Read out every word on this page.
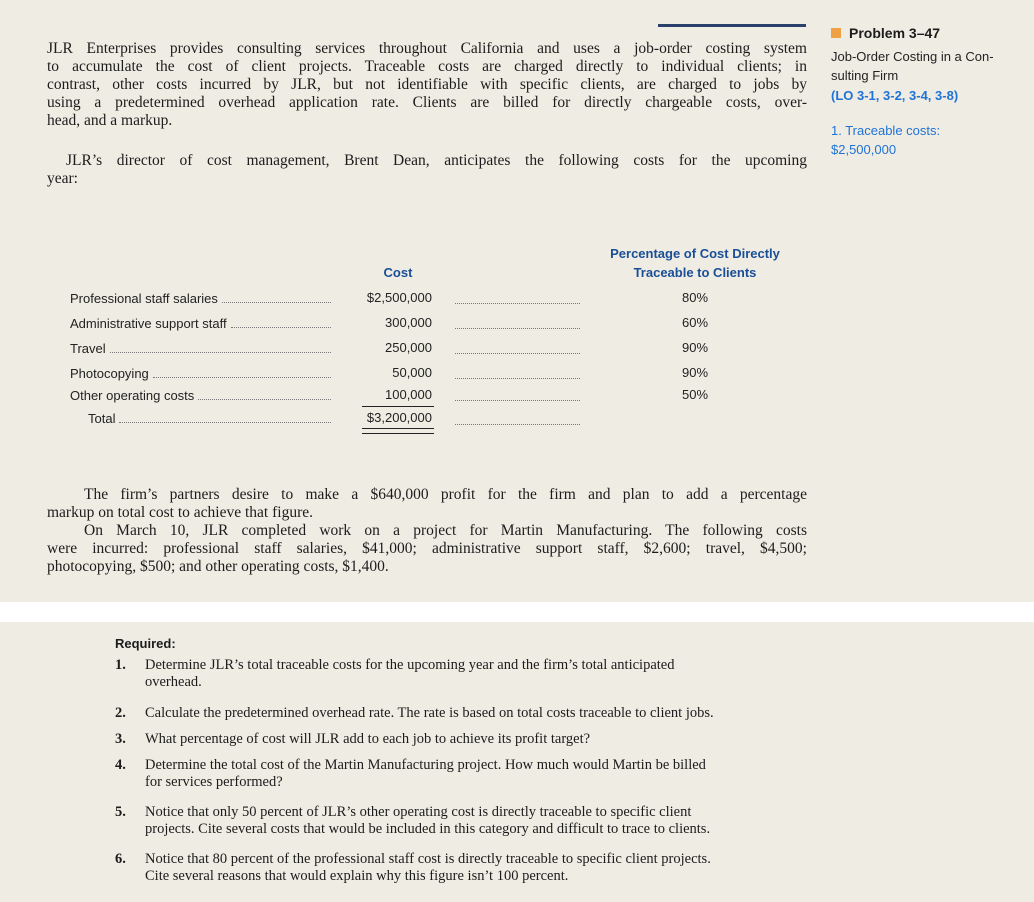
JLR Enterprises provides consulting services throughout California and uses a job-order costing system
to accumulate the cost of client projects. Traceable costs are charged directly to individual clients; in
contrast, other costs incurred by JLR, but not identifiable with specific clients, are charged to jobs by
using a predetermined overhead application rate. Clients are billed for directly chargeable costs, over-
head, and a markup.
JLR’s director of cost management, Brent Dean, anticipates the following costs for the upcoming
year:
Problem 3–47
Job-Order Costing in a Con-
sulting Firm
(LO 3-1, 3-2, 3-4, 3-8)
1. Traceable costs:
$2,500,000
Cost
Percentage of Cost Directly
Traceable to Clients
Professional staff salaries	$2,500,000	80%
Administrative support staff	300,000	60%
Travel	250,000	90%
Photocopying	50,000	90%
Other operating costs	100,000	50%
Total	$3,200,000
The firm’s partners desire to make a $640,000 profit for the firm and plan to add a percentage
markup on total cost to achieve that figure.
On March 10, JLR completed work on a project for Martin Manufacturing. The following costs
were incurred: professional staff salaries, $41,000; administrative support staff, $2,600; travel, $4,500;
photocopying, $500; and other operating costs, $1,400.
Required:
1. Determine JLR’s total traceable costs for the upcoming year and the firm’s total anticipated
overhead.
2. Calculate the predetermined overhead rate. The rate is based on total costs traceable to client jobs.
3. What percentage of cost will JLR add to each job to achieve its profit target?
4. Determine the total cost of the Martin Manufacturing project. How much would Martin be billed
for services performed?
5. Notice that only 50 percent of JLR’s other operating cost is directly traceable to specific client
projects. Cite several costs that would be included in this category and difficult to trace to clients.
6. Notice that 80 percent of the professional staff cost is directly traceable to specific client projects.
Cite several reasons that would explain why this figure isn’t 100 percent.
